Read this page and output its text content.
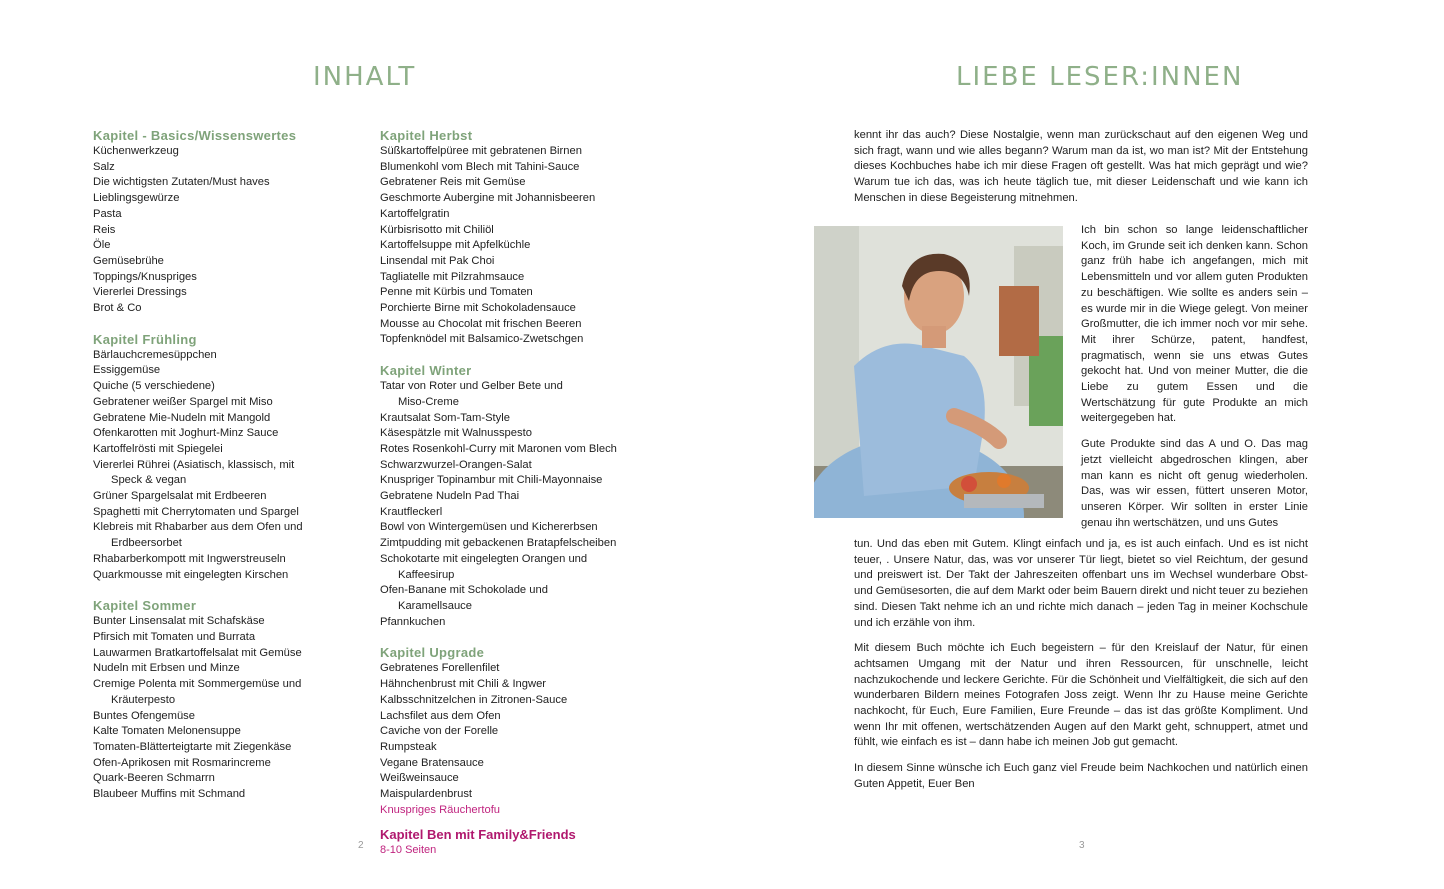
INHALT
Kapitel - Basics/Wissenswertes
Küchenwerkzeug
Salz
Die wichtigsten Zutaten/Must haves
Lieblingsgewürze
Pasta
Reis
Öle
Gemüsebrühe
Toppings/Knuspriges
Viererlei Dressings
Brot & Co
Kapitel Frühling
Bärlauchcremesüppchen
Essiggemüse
Quiche (5 verschiedene)
Gebratener weißer Spargel mit Miso
Gebratene Mie-Nudeln mit Mangold
Ofenkarotten mit Joghurt-Minz Sauce
Kartoffelrösti mit Spiegelei
Viererlei Rührei (Asiatisch, klassisch, mit
Speck & vegan
Grüner Spargelsalat mit Erdbeeren
Spaghetti mit Cherrytomaten und Spargel
Klebreis mit Rhabarber aus dem Ofen und
Erdbeersorbet
Rhabarberkompott mit Ingwerstreuseln
Quarkmousse mit eingelegten Kirschen
Kapitel Sommer
Bunter Linsensalat mit Schafskäse
Pfirsich mit Tomaten und Burrata
Lauwarmen Bratkartoffelsalat mit Gemüse
Nudeln mit Erbsen und Minze
Cremige Polenta mit Sommergemüse und
Kräuterpesto
Buntes Ofengemüse
Kalte Tomaten Melonensuppe
Tomaten-Blätterteigtarte mit Ziegenkäse
Ofen-Aprikosen mit Rosmarincreme
Quark-Beeren Schmarrn
Blaubeer Muffins mit Schmand
Kapitel Herbst
Süßkartoffelpüree mit gebratenen Birnen
Blumenkohl vom Blech mit Tahini-Sauce
Gebratener Reis mit Gemüse
Geschmorte Aubergine mit Johannisbeeren
Kartoffelgratin
Kürbisrisotto mit Chiliöl
Kartoffelsuppe mit Apfelküchle
Linsendal mit Pak Choi
Tagliatelle mit Pilzrahmsauce
Penne mit Kürbis und Tomaten
Porchierte Birne mit Schokoladensauce
Mousse au Chocolat mit frischen Beeren
Topfenknödel mit Balsamico-Zwetschgen
Kapitel Winter
Tatar von Roter und Gelber Bete und
Miso-Creme
Krautsalat Som-Tam-Style
Käsespätzle mit Walnusspesto
Rotes Rosenkohl-Curry mit Maronen vom Blech
Schwarzwurzel-Orangen-Salat
Knuspriger Topinambur mit Chili-Mayonnaise
Gebratene Nudeln Pad Thai
Krautfleckerl
Bowl von Wintergemüsen und Kichererbsen
Zimtpudding mit gebackenen Bratapfelscheiben
Schokotarte mit eingelegten Orangen und
Kaffeesirup
Ofen-Banane mit Schokolade und
Karamellsauce
Pfannkuchen
Kapitel Upgrade
Gebratenes Forellenfilet
Hähnchenbrust mit Chili & Ingwer
Kalbsschnitzelchen in Zitronen-Sauce
Lachsfilet aus dem Ofen
Caviche von der Forelle
Rumpsteak
Vegane Bratensauce
Weißweinsauce
Maispulardenbrust
Knuspriges Räuchertofu
Kapitel Ben mit Family&Friends
8-10 Seiten
2
LIEBE LESER:INNEN

kennt ihr das auch? Diese Nostalgie, wenn man zurückschaut auf den eigenen Weg und sich fragt, wann und wie alles begann? Warum man da ist, wo man ist? Mit der Entstehung dieses Kochbuches habe ich mir diese Fragen oft gestellt. Was hat mich geprägt und wie? Warum tue ich das, was ich heute täglich tue, mit dieser Leidenschaft und wie kann ich Menschen in diese Begeisterung mitnehmen.

Ich bin schon so lange leidenschaftlicher Koch, im Grunde seit ich denken kann. Schon ganz früh habe ich angefangen, mich mit Lebensmitteln und vor allem guten Produkten zu beschäftigen. Wie sollte es anders sein – es wurde mir in die Wiege gelegt. Von meiner Großmutter, die ich immer noch vor mir sehe. Mit ihrer Schürze, patent, handfest, pragmatisch, wenn sie uns etwas Gutes gekocht hat. Und von meiner Mutter, die die Liebe zu gutem Essen und die Wertschätzung für gute Produkte an mich weitergegeben hat.

Gute Produkte sind das A und O. Das mag jetzt vielleicht abgedroschen klingen, aber man kann es nicht oft genug wiederholen. Das, was wir essen, füttert unseren Motor, unseren Körper. Wir sollten in erster Linie genau ihn wertschätzen, und uns Gutes

tun. Und das eben mit Gutem. Klingt einfach und ja, es ist auch einfach. Und es ist nicht teuer, . Unsere Natur, das, was vor unserer Tür liegt, bietet so viel Reichtum, der gesund und preiswert ist. Der Takt der Jahreszeiten offenbart uns im Wechsel wunderbare Obst- und Gemüsesorten, die auf dem Markt oder beim Bauern direkt und nicht teuer zu beziehen sind. Diesen Takt nehme ich an und richte mich danach – jeden Tag in meiner Kochschule und ich erzähle von ihm.

Mit diesem Buch möchte ich Euch begeistern – für den Kreislauf der Natur, für einen achtsamen Umgang mit der Natur und ihren Ressourcen, für unschnelle, leicht nachzukochende und leckere Gerichte. Für die Schönheit und Vielfältigkeit, die sich auf den wunderbaren Bildern meines Fotografen Joss zeigt. Wenn Ihr zu Hause meine Gerichte nachkocht, für Euch, Eure Familien, Eure Freunde – das ist das größte Kompliment. Und wenn Ihr mit offenen, wertschätzenden Augen auf den Markt geht, schnuppert, atmet und fühlt, wie einfach es ist – dann habe ich meinen Job gut gemacht.

In diesem Sinne wünsche ich Euch ganz viel Freude beim Nachkochen und natürlich einen Guten Appetit, Euer Ben

3
